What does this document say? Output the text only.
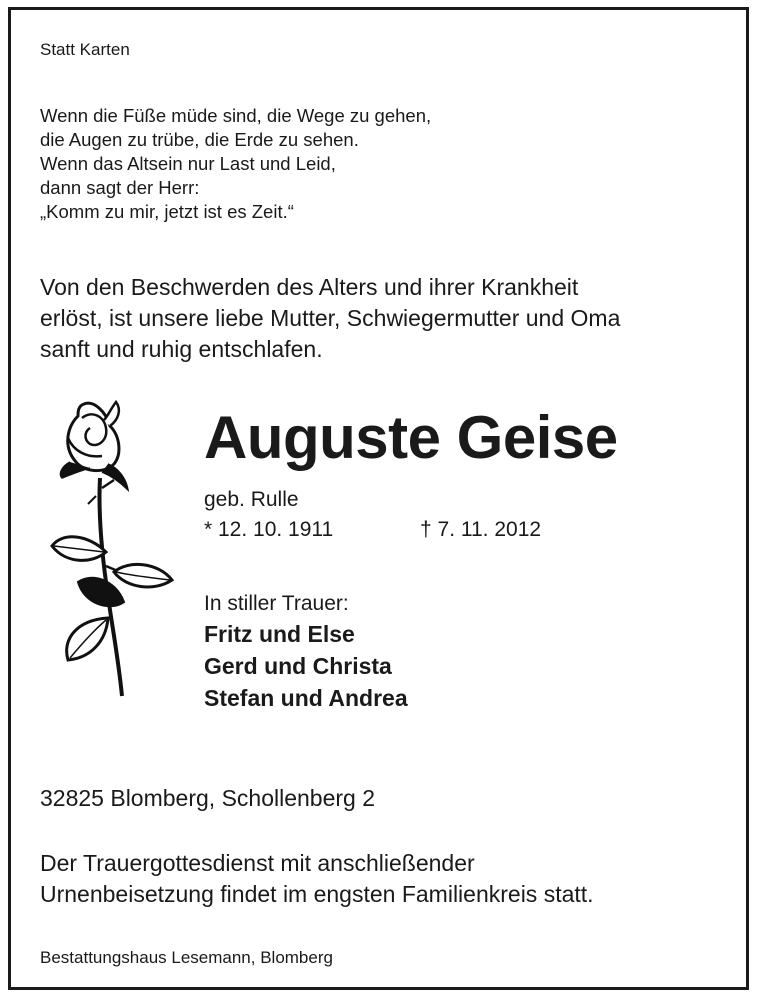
Statt Karten

Wenn die Füße müde sind, die Wege zu gehen,
die Augen zu trübe, die Erde zu sehen.
Wenn das Altsein nur Last und Leid,
dann sagt der Herr:
„Komm zu mir, jetzt ist es Zeit.“
Von den Beschwerden des Alters und ihrer Krankheit
erlöst, ist unsere liebe Mutter, Schwiegermutter und Oma
sanft und ruhig entschlafen.

Auguste Geise

geb. Rulle

* 12. 10. 1911	† 7. 11. 2012

In stiller Trauer:

Fritz und Else
Gerd und Christa
Stefan und Andrea

32825 Blomberg, Schollenberg 2

Der Trauergottesdienst mit anschließender
Urnenbeisetzung findet im engsten Familienkreis statt.

Bestattungshaus Lesemann, Blomberg
